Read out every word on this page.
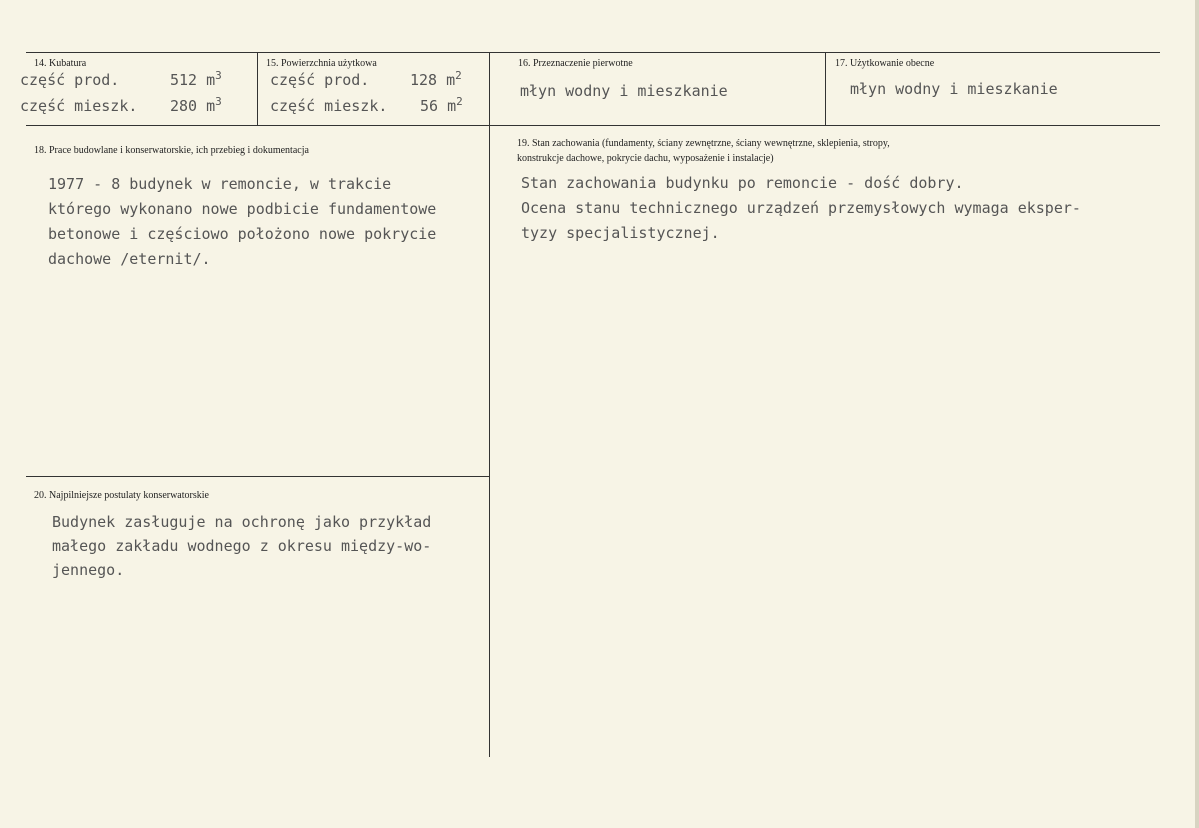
14. Kubatura
część prod.	512 $m^3$
część mieszk. 280 $m^3$
15. Powierzchnia użytkowa
część prod.	128 $m^2$
część mieszk. 56 $m^2$
16. Przeznaczenie pierwotne
młyn wodny i mieszkanie
17. Użytkowanie obecne
młyn wodny i mieszkanie
18. Prace budowlane i konserwatorskie, ich przebieg i dokumentacja
1977 - 8 budynek w remoncie, w trakcie
którego wykonano nowe podbicie fundamentowe
betonowe i częściowo położono nowe pokrycie
dachowe /eternit/.
19. Stan zachowania (fundamenty, ściany zewnętrzne, ściany wewnętrzne, sklepienia, stropy,
konstrukcje dachowe, pokrycie dachu, wyposażenie i instalacje)
Stan zachowania budynku po remoncie - dość dobry.
Ocena stanu technicznego urządzeń przemysłowych wymaga eksper-
tyzy specjalistycznej.
20. Najpilniejsze postulaty konserwatorskie
Budynek zasługuje na ochronę jako przykład
małego zakładu wodnego z okresu między-wo-
jennego.
